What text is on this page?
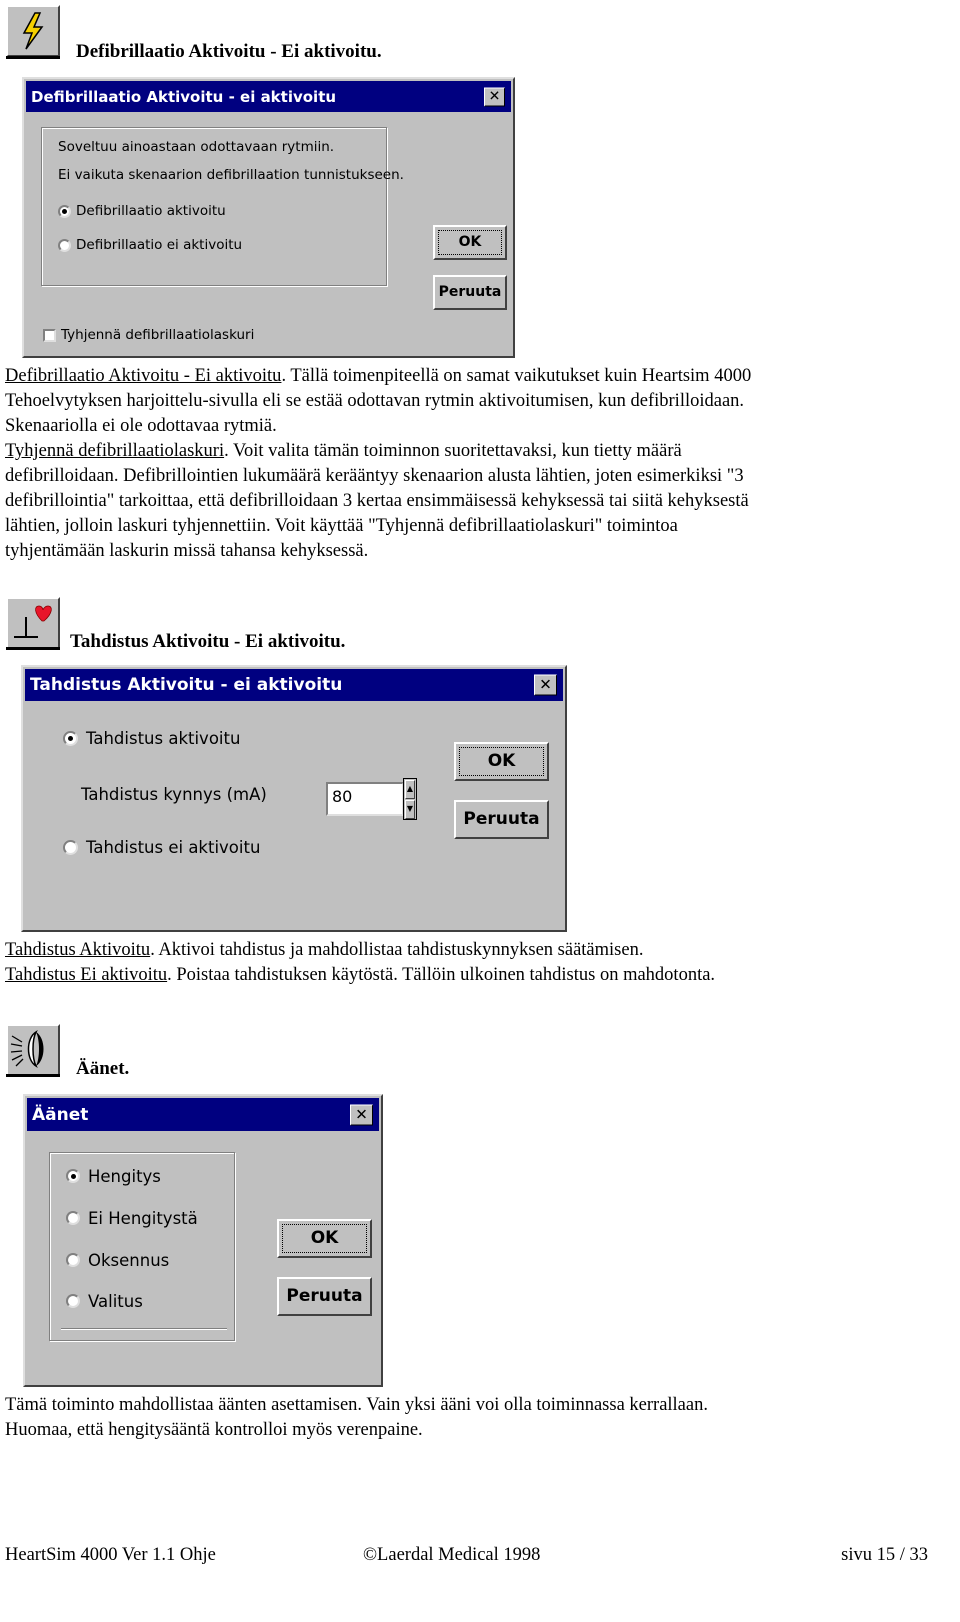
Defibrillaatio Aktivoitu - Ei aktivoitu.
Defibrillaatio Aktivoitu - ei aktivoitu	✕
Soveltuu ainoastaan odottavaan rytmiin.
Ei vaikuta skenaarion defibrillaation tunnistukseen.
Defibrillaatio aktivoitu
Defibrillaatio ei aktivoitu	OK
Peruuta
Tyhjennä defibrillaatiolaskuri
Defibrillaatio Aktivoitu - Ei aktivoitu. Tällä toimenpiteellä on samat vaikutukset kuin Heartsim 4000
Tehoelvytyksen harjoittelu-sivulla eli se estää odottavan rytmin aktivoitumisen, kun defibrilloidaan.
Skenaariolla ei ole odottavaa rytmiä.
Tyhjennä defibrillaatiolaskuri. Voit valita tämän toiminnon suoritettavaksi, kun tietty määrä
defibrilloidaan. Defibrillointien lukumäärä kerääntyy skenaarion alusta lähtien, joten esimerkiksi "3
defibrillointia" tarkoittaa, että defibrilloidaan 3 kertaa ensimmäisessä kehyksessä tai siitä kehyksestä
lähtien, jolloin laskuri tyhjennettiin. Voit käyttää "Tyhjennä defibrillaatiolaskuri" toimintoa
tyhjentämään laskurin missä tahansa kehyksessä.
Tahdistus Aktivoitu - Ei aktivoitu.
Tahdistus Aktivoitu - ei aktivoitu	✕
Tahdistus aktivoitu
Tahdistus kynnys (mA)	80	▲
▼
Tahdistus ei aktivoitu
OK
Peruuta
Tahdistus Aktivoitu. Aktivoi tahdistus ja mahdollistaa tahdistuskynnyksen säätämisen.
Tahdistus Ei aktivoitu. Poistaa tahdistuksen käytöstä. Tällöin ulkoinen tahdistus on mahdotonta.
Äänet.
Äänet	✕
Hengitys
Ei Hengitystä
Oksennus
Valitus
OK
Peruuta
Tämä toiminto mahdollistaa äänten asettamisen. Vain yksi ääni voi olla toiminnassa kerrallaan.
Huomaa, että hengitysääntä kontrolloi myös verenpaine.
HeartSim 4000 Ver 1.1 Ohje	©Laerdal Medical 1998	sivu 15 / 33
